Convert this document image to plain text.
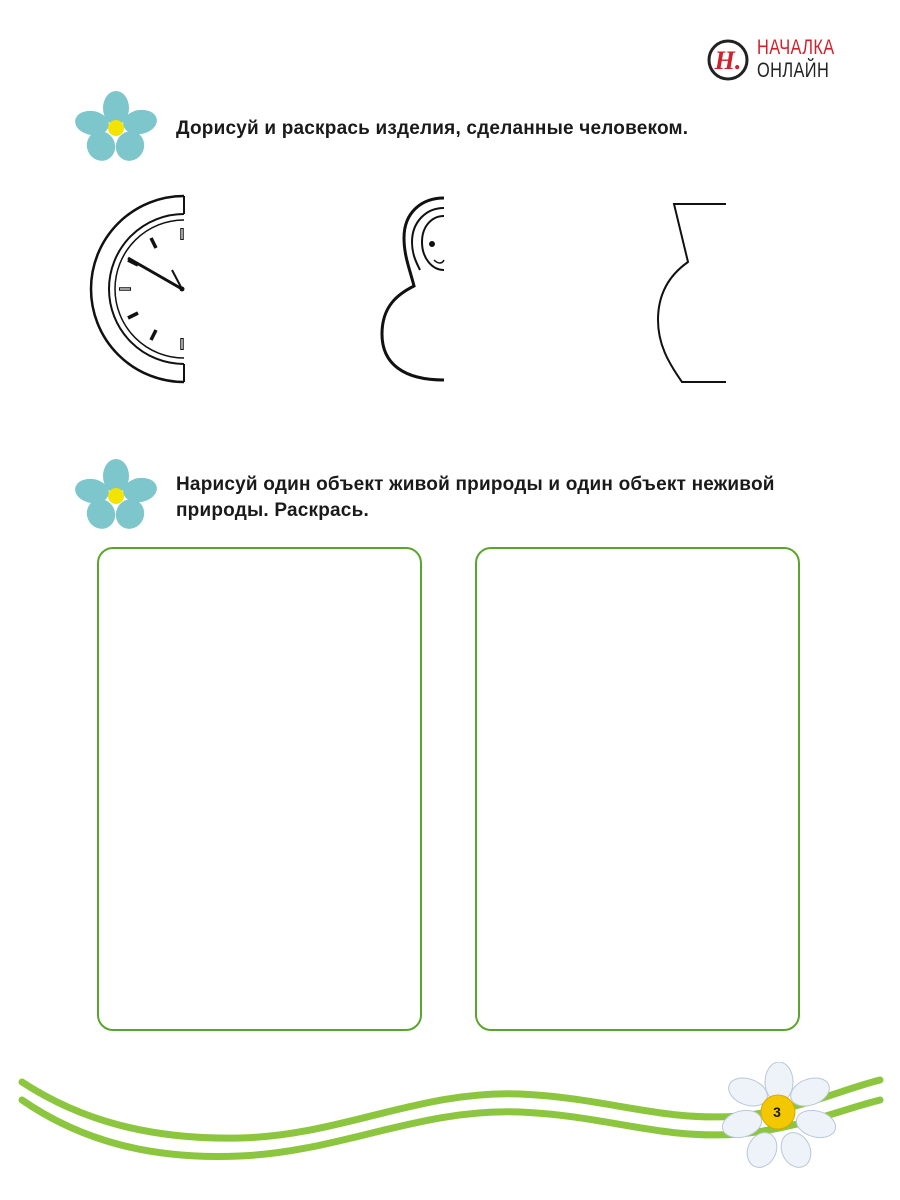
Н. НАЧАЛКА
ОНЛАЙН
Дорисуй и раскрась изделия, сделанные человеком.
Нарисуй один объект живой природы и один объект неживой
природы. Раскрась.
3
